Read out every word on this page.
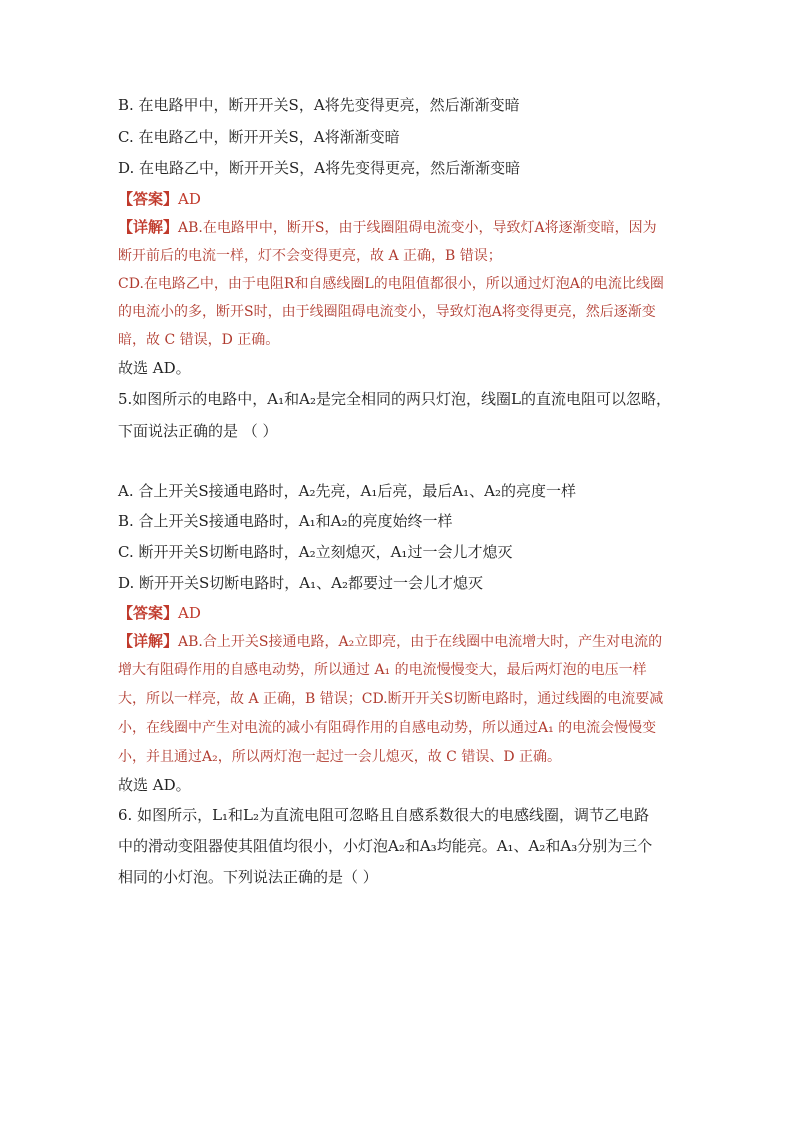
B. 在电路甲中，断开开关S，A将先变得更亮，然后渐渐变暗
C. 在电路乙中，断开开关S，A将渐渐变暗
D. 在电路乙中，断开开关S，A将先变得更亮，然后渐渐变暗
【答案】AD
【详解】AB.在电路甲中，断开S，由于线圈阻碍电流变小，导致灯A将逐渐变暗，因为
断开前后的电流一样，灯不会变得更亮，故 A 正确，B 错误；
CD.在电路乙中，由于电阻R和自感线圈L的电阻值都很小，所以通过灯泡A的电流比线圈
的电流小的多，断开S时，由于线圈阻碍电流变小，导致灯泡A将变得更亮，然后逐渐变
暗，故 C 错误，D 正确。
故选 AD。
5.如图所示的电路中，A₁和A₂是完全相同的两只灯泡，线圈L的直流电阻可以忽略，
下面说法正确的是 （ ）
A. 合上开关S接通电路时，A₂先亮，A₁后亮，最后A₁、A₂的亮度一样
B. 合上开关S接通电路时，A₁和A₂的亮度始终一样
C. 断开开关S切断电路时，A₂立刻熄灭，A₁过一会儿才熄灭
D. 断开开关S切断电路时，A₁、A₂都要过一会儿才熄灭
【答案】AD
【详解】AB.合上开关S接通电路，A₂立即亮，由于在线圈中电流增大时，产生对电流的
增大有阻碍作用的自感电动势，所以通过 A₁ 的电流慢慢变大，最后两灯泡的电压一样
大，所以一样亮，故 A 正确，B 错误；CD.断开开关S切断电路时，通过线圈的电流要减
小，在线圈中产生对电流的减小有阻碍作用的自感电动势，所以通过A₁ 的电流会慢慢变
小，并且通过A₂，所以两灯泡一起过一会儿熄灭，故 C 错误、D 正确。
故选 AD。
6. 如图所示，L₁和L₂为直流电阻可忽略且自感系数很大的电感线圈，调节乙电路
中的滑动变阻器使其阻值均很小，小灯泡A₂和A₃均能亮。A₁、A₂和A₃分别为三个
相同的小灯泡。下列说法正确的是（ ）
